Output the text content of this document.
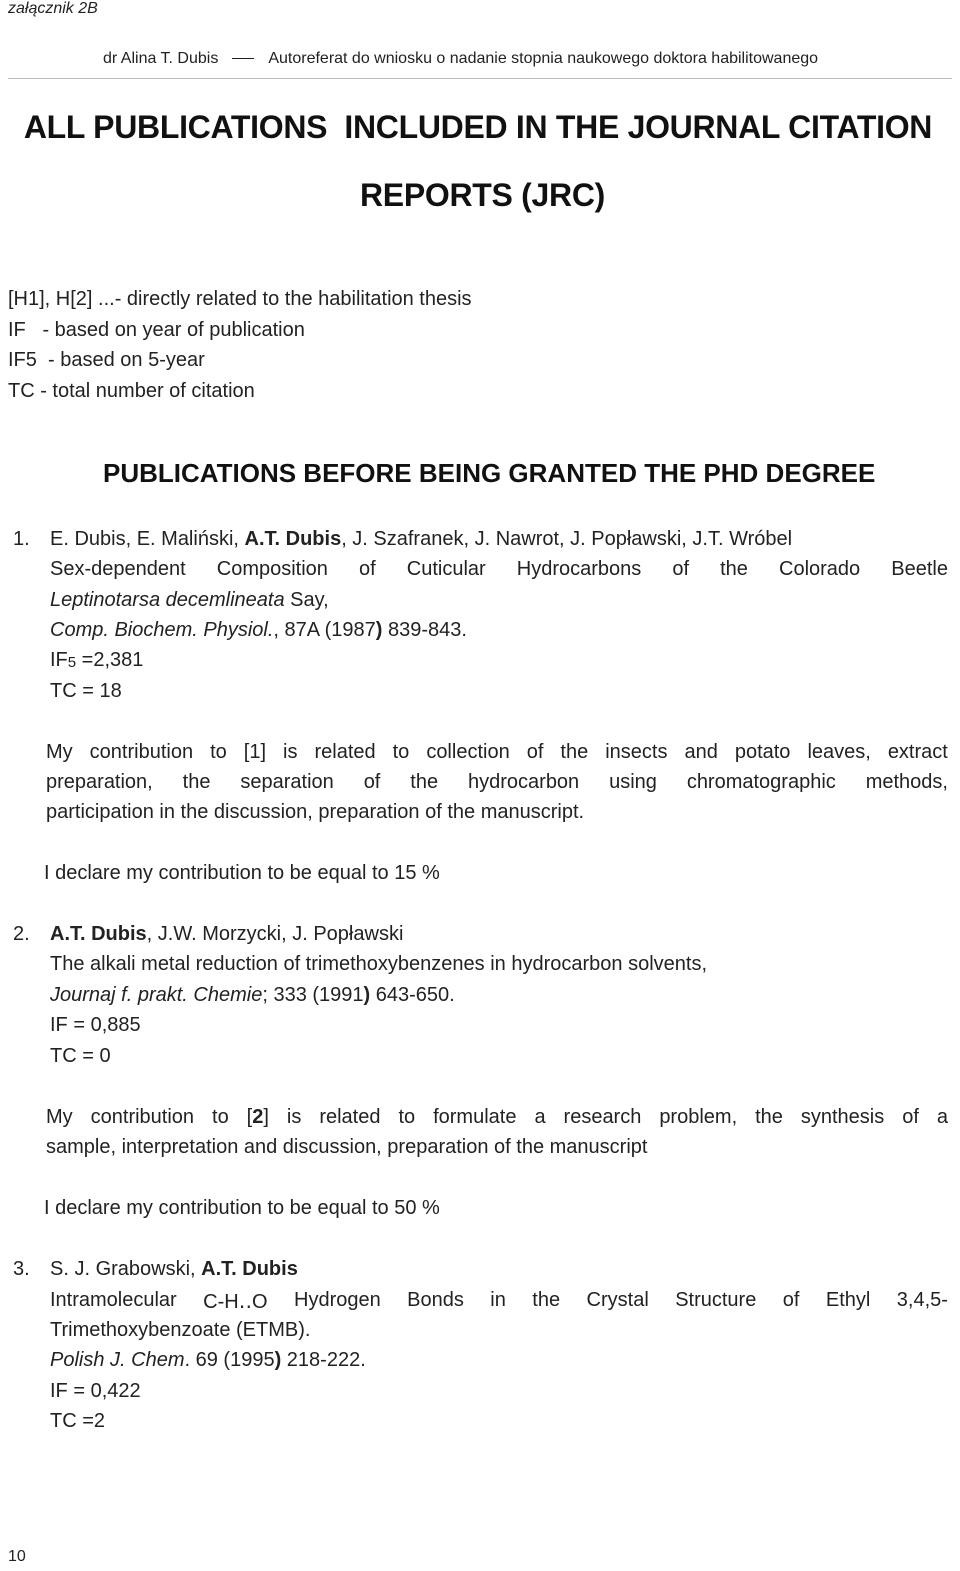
załącznik 2B
dr Alina T. Dubis	Autoreferat do wniosku o nadanie stopnia naukowego doktora habilitowanego
ALL PUBLICATIONS  INCLUDED IN THE JOURNAL CITATION
REPORTS (JRC)
[H1], H[2] ...- directly related to the habilitation thesis
IF   - based on year of publication
IF5  - based on 5-year
TC - total number of citation
PUBLICATIONS BEFORE BEING GRANTED THE PHD DEGREE
1. E. Dubis, E. Maliński, A.T. Dubis, J. Szafranek, J. Nawrot, J. Popławski, J.T. Wróbel
Sex-dependent Composition of Cuticular Hydrocarbons of the Colorado Beetle
Leptinotarsa decemlineata Say,
Comp. Biochem. Physiol., 87A (1987) 839-843.
$IF_5 =2,381$
TC = 18
My contribution to [1] is related to collection of the insects and potato leaves, extract
preparation, the separation of the hydrocarbon using chromatographic methods,
participation in the discussion, preparation of the manuscript.
I declare my contribution to be equal to 15 %
2. A.T. Dubis, J.W. Morzycki, J. Popławski
The alkali metal reduction of trimethoxybenzenes in hydrocarbon solvents,
Journaj f. prakt. Chemie; 333 (1991) 643-650.
IF = 0,885
TC = 0
My contribution to [2] is related to formulate a research problem, the synthesis of a
sample, interpretation and discussion, preparation of the manuscript
I declare my contribution to be equal to 50 %
3. S. J. Grabowski, A.T. Dubis
Intramolecular C-H‥O Hydrogen Bonds in the Crystal Structure of Ethyl 3,4,5-
Trimethoxybenzoate (ETMB).
Polish J. Chem. 69 (1995) 218-222.
IF = 0,422
TC =2
10
